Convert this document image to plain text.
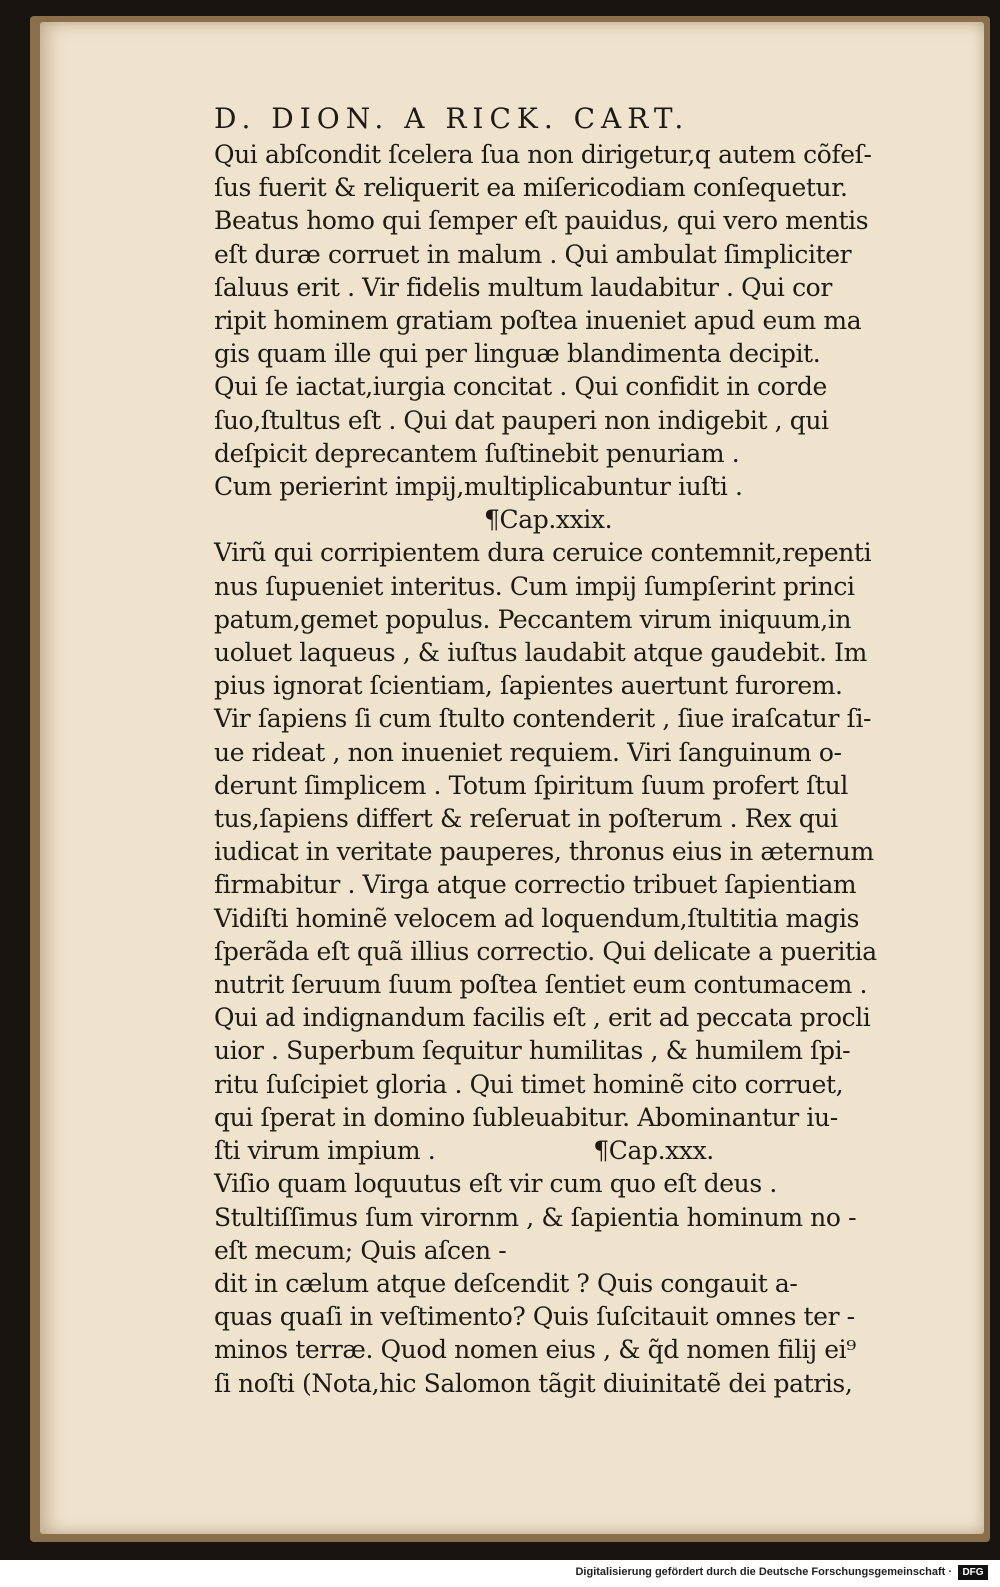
D. DION. A RICK. CART.
Qui abſcondit ſcelera ſua non dirigetur,q autem cõfeſ-
ſus fuerit & reliquerit ea miſericodiam conſequetur.
Beatus homo qui ſemper eſt pauidus, qui vero mentis
eſt duræ corruet in malum . Qui ambulat ſimpliciter
ſaluus erit . Vir fidelis multum laudabitur . Qui cor
ripit hominem gratiam poſtea inueniet apud eum ma
gis quam ille qui per linguæ blandimenta decipit.
Qui ſe iactat,iurgia concitat . Qui confidit in corde
ſuo,ſtultus eſt . Qui dat pauperi non indigebit , qui
deſpicit deprecantem ſuſtinebit penuriam .
Cum perierint impij,multiplicabuntur iuſti .
¶Cap.xxix.
Virũ qui corripientem dura ceruice contemnit,repenti
nus ſupueniet interitus. Cum impij ſumpſerint princi
patum,gemet populus. Peccantem virum iniquum,in
uoluet laqueus , & iuſtus laudabit atque gaudebit. Im
pius ignorat ſcientiam, ſapientes auertunt furorem.
Vir ſapiens ſi cum ſtulto contenderit , ſiue iraſcatur ſi-
ue rideat , non inueniet requiem. Viri ſanguinum o-
derunt ſimplicem . Totum ſpiritum ſuum profert ſtul
tus,ſapiens differt & reſeruat in poſterum . Rex qui
iudicat in veritate pauperes, thronus eius in æternum
firmabitur . Virga atque correctio tribuet ſapientiam
Vidiſti hominẽ velocem ad loquendum,ſtultitia magis
ſperãda eſt quã illius correctio. Qui delicate a pueritia
nutrit ſeruum ſuum poſtea ſentiet eum contumacem .
Qui ad indignandum facilis eſt , erit ad peccata procli
uior . Superbum ſequitur humilitas , & humilem ſpi-
ritu ſuſcipiet gloria . Qui timet hominẽ cito corruet,
qui ſperat in domino ſubleuabitur. Abominantur iu-
ſti virum impium .	¶Cap.xxx.
Viſio quam loquutus eſt vir cum quo eſt deus .
Stultiſſimus ſum virornm , & ſapientia hominum no -
eſt mecum; Quis aſcen -
dit in cælum atque deſcendit ? Quis congauit a-
quas quaſi in veſtimento? Quis ſuſcitauit omnes ter -
minos terræ. Quod nomen eius , & q̃d nomen filij ei⁹
ſi noſti (Nota,hic Salomon tãgit diuinitatẽ dei patris,
Digitalisierung gefördert durch die Deutsche Forschungsgemeinschaft ·	DFG
